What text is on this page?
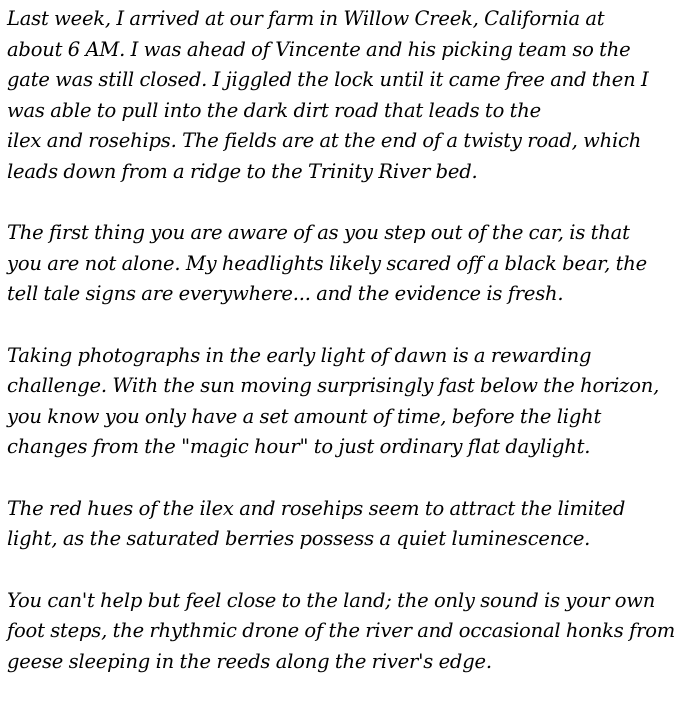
Last week, I arrived at our farm in Willow Creek, California at
about 6 AM. I was ahead of Vincente and his picking team so the
gate was still closed. I jiggled the lock until it came free and then I
was able to pull into the dark dirt road that leads to the
ilex and rosehips. The fields are at the end of a twisty road, which
leads down from a ridge to the Trinity River bed.
The first thing you are aware of as you step out of the car, is that
you are not alone. My headlights likely scared off a black bear, the
tell tale signs are everywhere... and the evidence is fresh.
Taking photographs in the early light of dawn is a rewarding
challenge. With the sun moving surprisingly fast below the horizon,
you know you only have a set amount of time, before the light
changes from the "magic hour" to just ordinary flat daylight.
The red hues of the ilex and rosehips seem to attract the limited
light, as the saturated berries possess a quiet luminescence.
You can't help but feel close to the land; the only sound is your own
foot steps, the rhythmic drone of the river and occasional honks from
geese sleeping in the reeds along the river's edge.
